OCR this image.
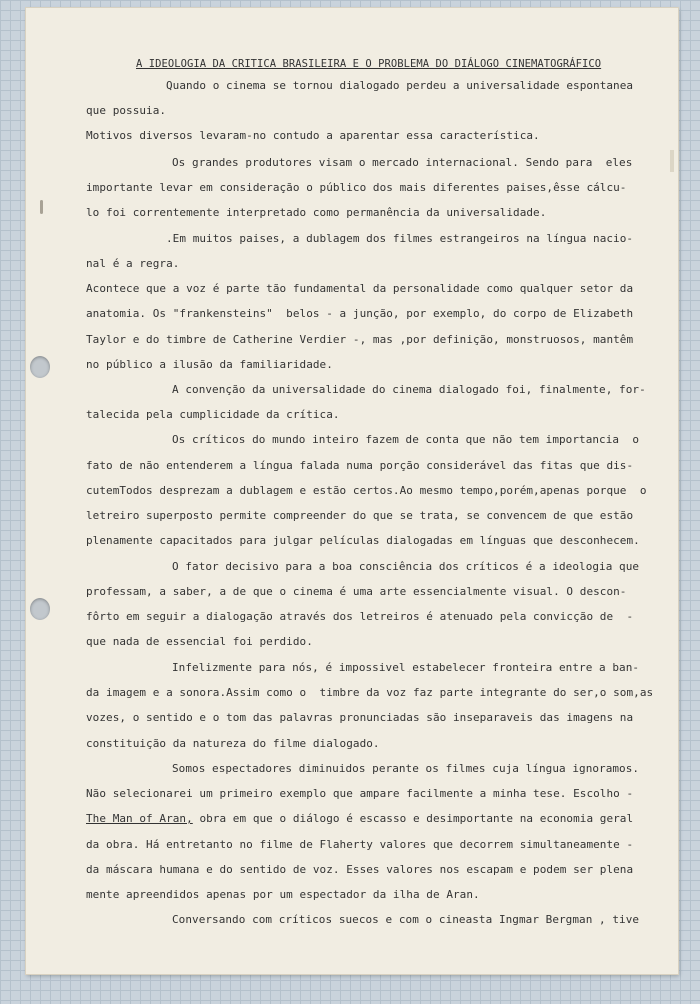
A IDEOLOGIA DA CRITICA BRASILEIRA E O PROBLEMA DO DIÁLOGO CINEMATOGRÁFICO
Quando o cinema se tornou dialogado perdeu a universalidade espontanea
que possuia.
Motivos diversos levaram-no contudo a aparentar essa característica.
Os grandes produtores visam o mercado internacional. Sendo para  eles
importante levar em consideração o público dos mais diferentes paises,êsse cálcu-
lo foi correntemente interpretado como permanência da universalidade.
.Em muitos paises, a dublagem dos filmes estrangeiros na língua nacio-
nal é a regra.
Acontece que a voz é parte tão fundamental da personalidade como qualquer setor da
anatomia. Os "frankensteins"  belos - a junção, por exemplo, do corpo de Elizabeth
Taylor e do timbre de Catherine Verdier -, mas ,por definição, monstruosos, mantêm
no público a ilusão da familiaridade.
A convenção da universalidade do cinema dialogado foi, finalmente, for-
talecida pela cumplicidade da crítica.
Os críticos do mundo inteiro fazem de conta que não tem importancia  o
fato de não entenderem a língua falada numa porção considerável das fitas que dis-
cutemTodos desprezam a dublagem e estão certos.Ao mesmo tempo,porém,apenas porque  o
letreiro superposto permite compreender do que se trata, se convencem de que estão
plenamente capacitados para julgar películas dialogadas em línguas que desconhecem.
O fator decisivo para a boa consciência dos críticos é a ideologia que
professam, a saber, a de que o cinema é uma arte essencialmente visual. O descon-
fôrto em seguir a dialogação através dos letreiros é atenuado pela convicção de  -
que nada de essencial foi perdido.
Infelizmente para nós, é impossivel estabelecer fronteira entre a ban-
da imagem e a sonora.Assim como o  timbre da voz faz parte integrante do ser,o som,as
vozes, o sentido e o tom das palavras pronunciadas são inseparaveis das imagens na
constituição da natureza do filme dialogado.
Somos espectadores diminuidos perante os filmes cuja língua ignoramos.
Não selecionarei um primeiro exemplo que ampare facilmente a minha tese. Escolho -
The Man of Aran, obra em que o diálogo é escasso e desimportante na economia geral
da obra. Há entretanto no filme de Flaherty valores que decorrem simultaneamente -
da máscara humana e do sentido de voz. Esses valores nos escapam e podem ser plena
mente apreendidos apenas por um espectador da ilha de Aran.
Conversando com críticos suecos e com o cineasta Ingmar Bergman , tive
